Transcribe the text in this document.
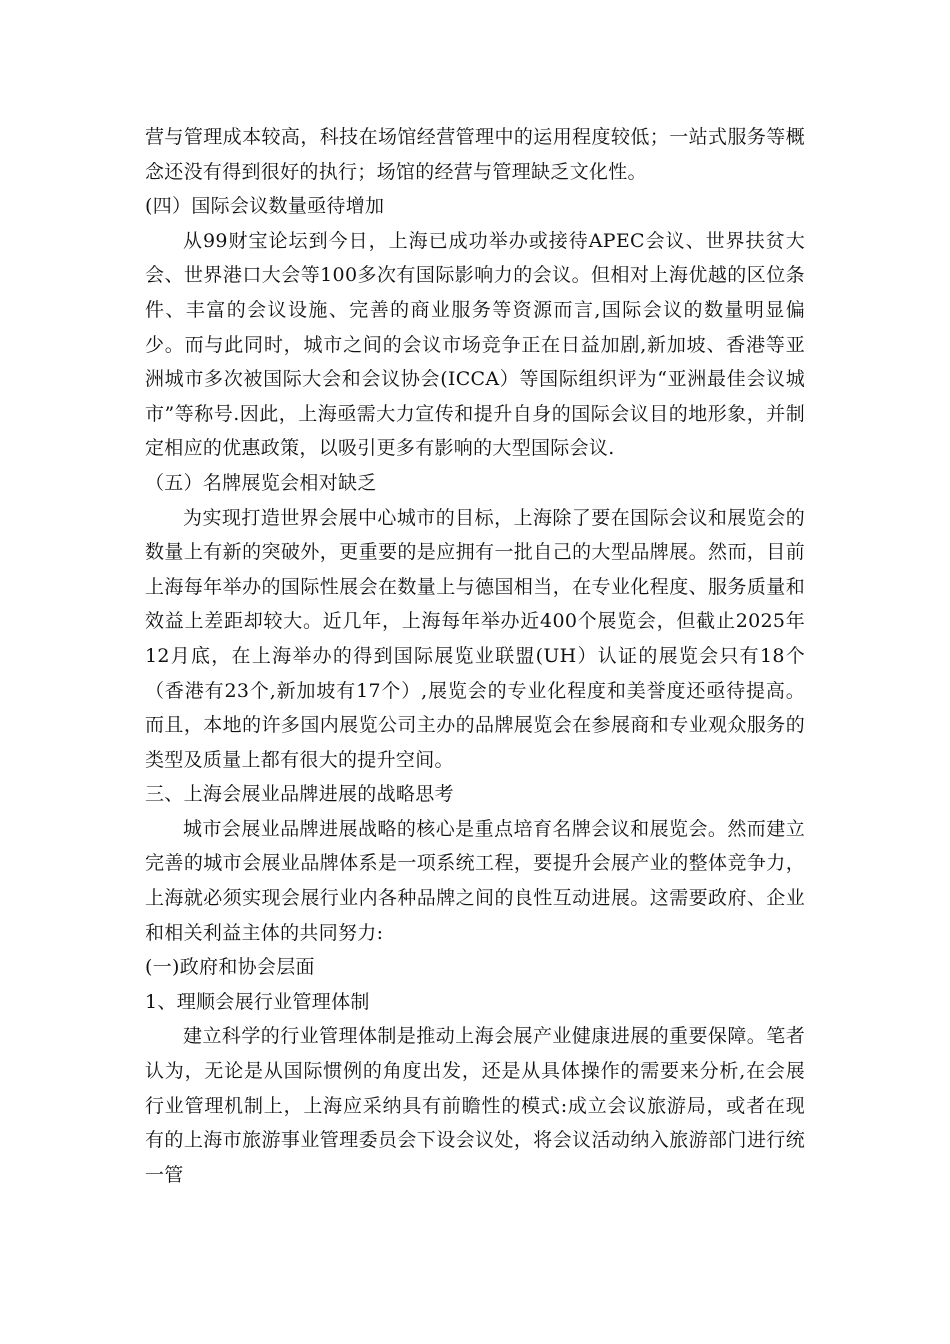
营与管理成本较高，科技在场馆经营管理中的运用程度较低；一站式服务等概念还没有得到很好的执行；场馆的经营与管理缺乏文化性。

(四）国际会议数量亟待增加

从99财宝论坛到今日，上海已成功举办或接待APEC会议、世界扶贫大会、世界港口大会等100多次有国际影响力的会议。但相对上海优越的区位条件、丰富的会议设施、完善的商业服务等资源而言,国际会议的数量明显偏少。而与此同时，城市之间的会议市场竞争正在日益加剧,新加坡、香港等亚洲城市多次被国际大会和会议协会(ICCA）等国际组织评为“亚洲最佳会议城市”等称号.因此，上海亟需大力宣传和提升自身的国际会议目的地形象，并制定相应的优惠政策，以吸引更多有影响的大型国际会议.

（五）名牌展览会相对缺乏

为实现打造世界会展中心城市的目标，上海除了要在国际会议和展览会的数量上有新的突破外，更重要的是应拥有一批自己的大型品牌展。然而，目前上海每年举办的国际性展会在数量上与德国相当，在专业化程度、服务质量和效益上差距却较大。近几年，上海每年举办近400个展览会，但截止2025年12月底，在上海举办的得到国际展览业联盟(UH）认证的展览会只有18个（香港有23个,新加坡有17个）,展览会的专业化程度和美誉度还亟待提高。而且，本地的许多国内展览公司主办的品牌展览会在参展商和专业观众服务的类型及质量上都有很大的提升空间。

三、上海会展业品牌进展的战略思考

城市会展业品牌进展战略的核心是重点培育名牌会议和展览会。然而建立完善的城市会展业品牌体系是一项系统工程，要提升会展产业的整体竞争力，上海就必须实现会展行业内各种品牌之间的良性互动进展。这需要政府、企业和相关利益主体的共同努力:

(一)政府和协会层面

1、理顺会展行业管理体制

建立科学的行业管理体制是推动上海会展产业健康进展的重要保障。笔者认为，无论是从国际惯例的角度出发，还是从具体操作的需要来分析,在会展行业管理机制上，上海应采纳具有前瞻性的模式:成立会议旅游局，或者在现有的上海市旅游事业管理委员会下设会议处，将会议活动纳入旅游部门进行统一管
